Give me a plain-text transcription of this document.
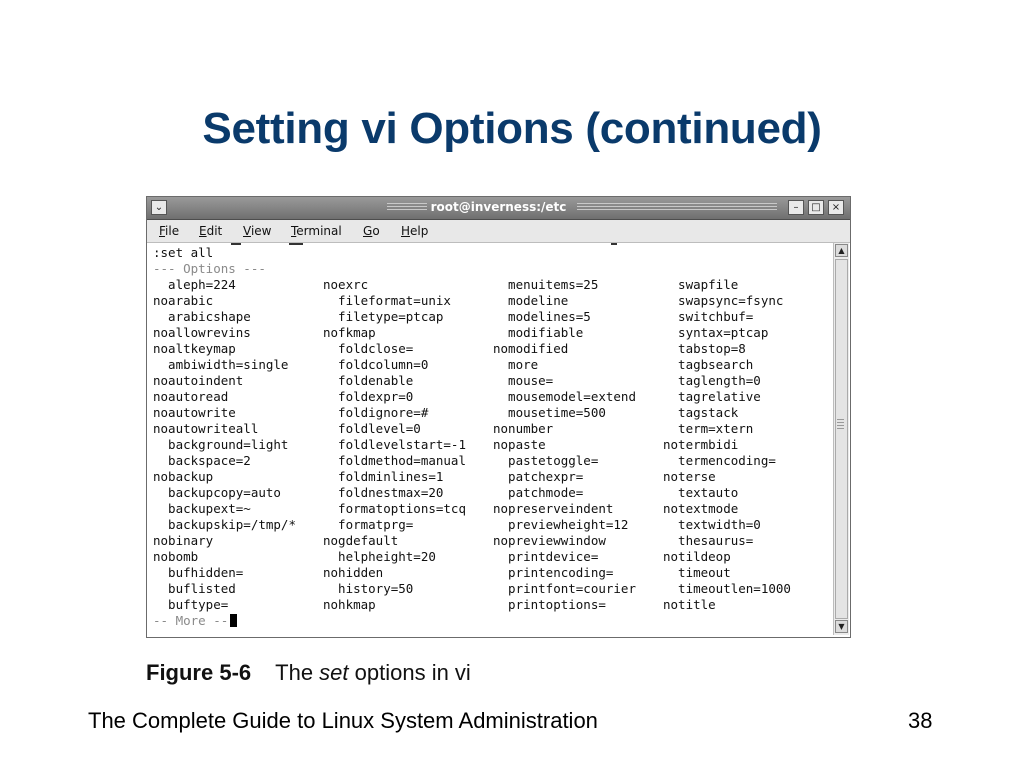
Setting vi Options (continued)
⌄	root@inverness:/etc	–	□	×
File Edit View Terminal Go Help
:set all
--- Options ---
aleph=224	noexrc	menuitems=25	swapfile
noarabic	fileformat=unix	modeline	swapsync=fsync
arabicshape	filetype=ptcap	modelines=5	switchbuf=
noallowrevins	nofkmap	modifiable	syntax=ptcap
noaltkeymap	foldclose=	nomodified	tabstop=8
ambiwidth=single	foldcolumn=0	more	tagbsearch
noautoindent	foldenable	mouse=	taglength=0
noautoread	foldexpr=0	mousemodel=extend tagrelative
noautowrite	foldignore=#	mousetime=500	tagstack
noautowriteall	foldlevel=0	nonumber	term=xtern
background=light	foldlevelstart=-1 nopaste	notermbidi
backspace=2	foldmethod=manual pastetoggle=	termencoding=
nobackup	foldminlines=1	patchexpr=	noterse
backupcopy=auto	foldnestmax=20	patchmode=	textauto
backupext=~	formatoptions=tcq nopreserveindent	notextmode
backupskip=/tmp/* formatprg=	previewheight=12	textwidth=0
nobinary	nogdefault	nopreviewwindow	thesaurus=
nobomb	helpheight=20	printdevice=	notildeop
bufhidden=	nohidden	printencoding=	timeout
buflisted	history=50	printfont=courier timeoutlen=1000
buftype=	nohkmap	printoptions=	notitle
-- More --
▲
▼
Figure 5-6 The set options in vi
The Complete Guide to Linux System Administration	38
